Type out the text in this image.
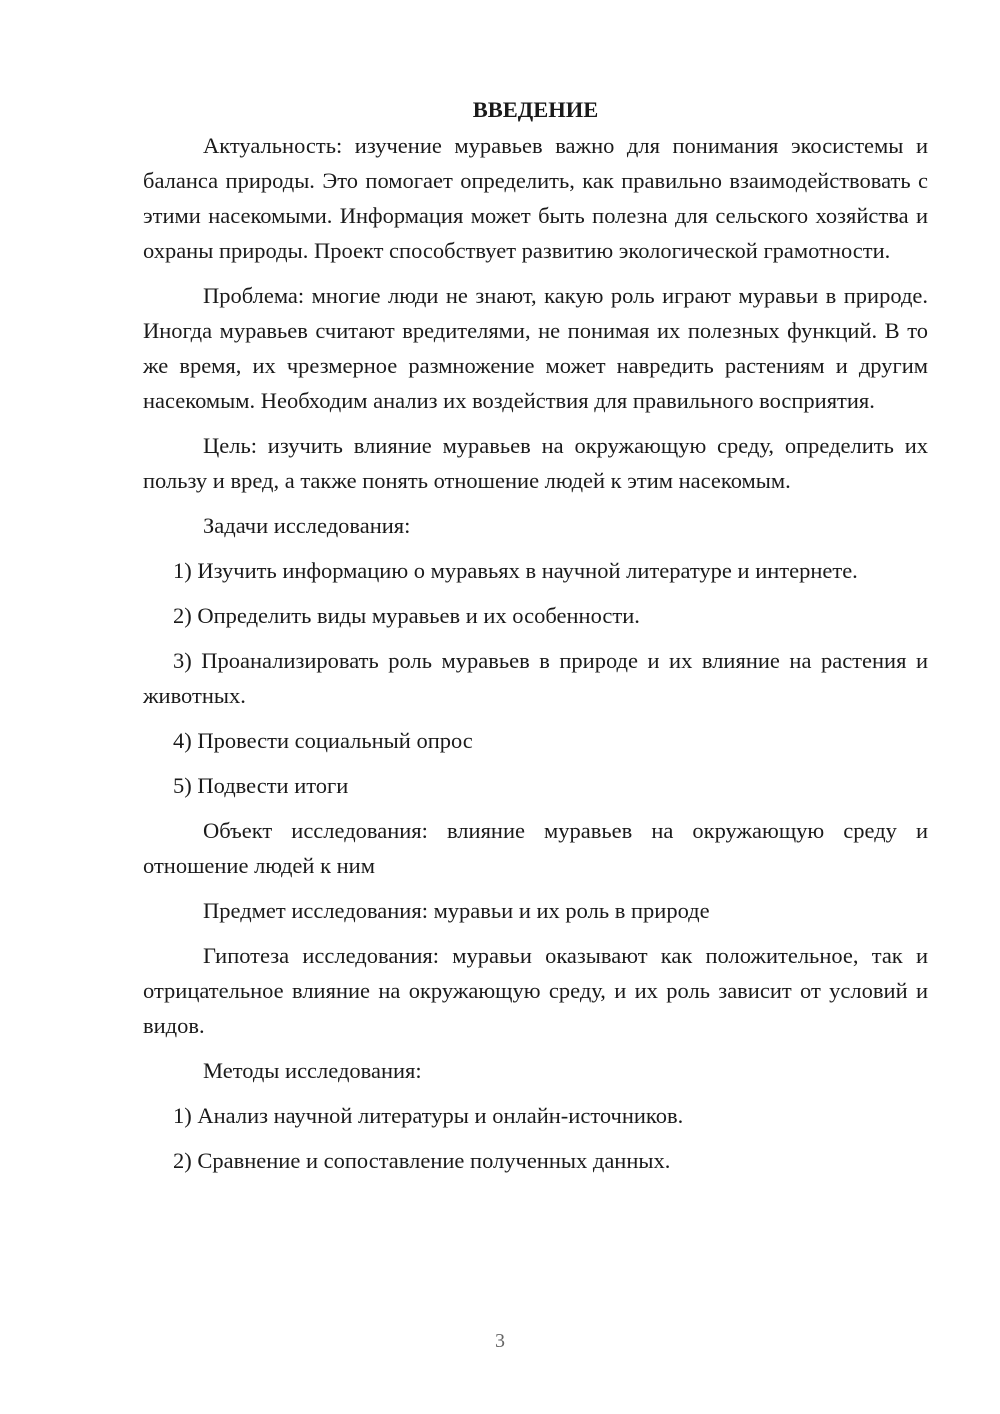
ВВЕДЕНИЕ

Актуальность: изучение муравьев важно для понимания экосистемы и баланса природы. Это помогает определить, как правильно взаимодействовать с этими насекомыми. Информация может быть полезна для сельского хозяйства и охраны природы. Проект способствует развитию экологической грамотности.

Проблема: многие люди не знают, какую роль играют муравьи в природе. Иногда муравьев считают вредителями, не понимая их полезных функций. В то же время, их чрезмерное размножение может навредить растениям и другим насекомым. Необходим анализ их воздействия для правильного восприятия.

Цель: изучить влияние муравьев на окружающую среду, определить их пользу и вред, а также понять отношение людей к этим насекомым.

Задачи исследования:

1) Изучить информацию о муравьях в научной литературе и интернете.

2) Определить виды муравьев и их особенности.

3) Проанализировать роль муравьев в природе и их влияние на растения и животных.

4) Провести социальный опрос

5) Подвести итоги

Объект исследования: влияние муравьев на окружающую среду и отношение людей к ним

Предмет исследования: муравьи и их роль в природе

Гипотеза исследования: муравьи оказывают как положительное, так и отрицательное влияние на окружающую среду, и их роль зависит от условий и видов.

Методы исследования:

1) Анализ научной литературы и онлайн-источников.

2) Сравнение и сопоставление полученных данных.

3
